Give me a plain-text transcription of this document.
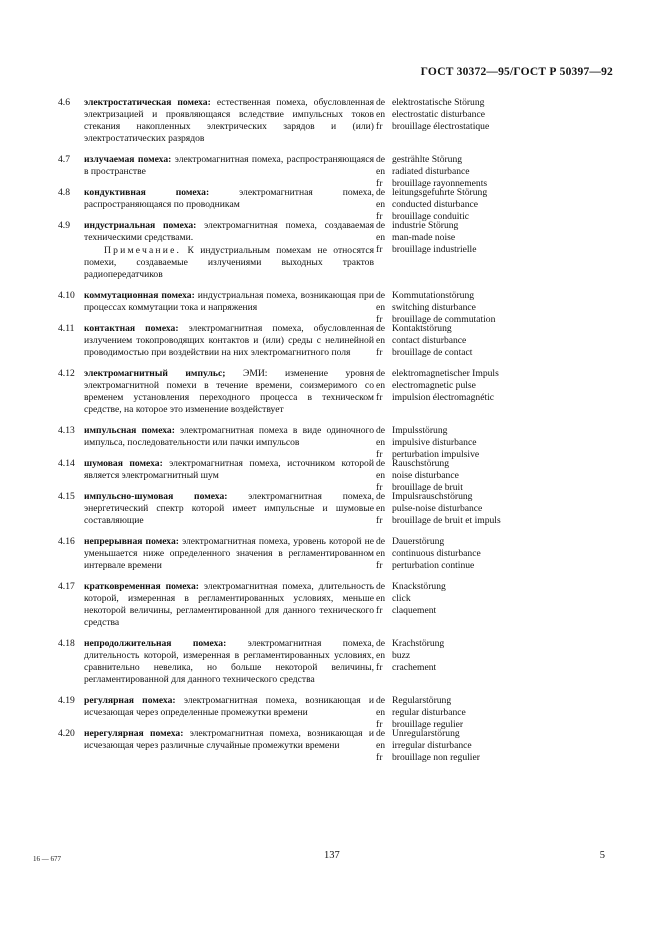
ГОСТ 30372—95/ГОСТ Р 50397—92
4.6	электростатическая помеха: естественная помеха, обусловленная электризацией и проявляющаяся вследствие импульсных токов стекания накопленных электрических зарядов и (или) электростатических разрядов
de elektrostatische Störung
en electrostatic disturbance
fr	brouillage électrostatique
4.7	излучаемая помеха: электромагнитная помеха, распространяющаяся в пространстве
de gestrählte Störung
en radiated disturbance
fr	brouillage rayonnements
4.8	кондуктивная помеха: электромагнитная помеха, распространяющаяся по проводникам
de leitungsgefuhrte Störung
en conducted disturbance
fr	brouillage conduitic
4.9	индустриальная помеха: электромагнитная помеха, создаваемая техническими средствами.
Примечание. К индустриальным помехам не относятся помехи, создаваемые излучениями выходных трактов радиопередатчиков
de industrie Störung
en man-made noise
fr	brouillage industrielle
4.10 коммутационная помеха: индустриальная помеха, возникающая при процессах коммутации тока и напряжения
de Kommutationstörung
en switching disturbance
fr	brouillage de commutation
4.11 контактная помеха: электромагнитная помеха, обусловленная излучением токопроводящих контактов и (или) среды с нелинейной проводимостью при воздействии на них электромагнитного поля
de Kontaktstörung
en contact disturbance
fr	brouillage de contact
4.12 электромагнитный импульс; ЭМИ: изменение уровня электромагнитной помехи в течение времени, соизмеримого со временем установления переходного процесса в техническом средстве, на которое это изменение воздействует
de elektromagnetischer Impuls
en electromagnetic pulse
fr	impulsion électromagnétic
4.13 импульсная помеха: электромагнитная помеха в виде одиночного импульса, последовательности или пачки импульсов
de Impulsstörung
en impulsive disturbance
fr	perturbation impulsive
4.14 шумовая помеха: электромагнитная помеха, источником которой является электромагнитный шум
de Rauschstörung
en noise disturbance
fr	brouillage de bruit
4.15 импульсно-шумовая помеха: электромагнитная помеха, энергетический спектр которой имеет импульсные и шумовые составляющие
de Impulsrauschstörung
en pulse-noise disturbance
fr	brouillage de bruit et impuls
4.16 непрерывная помеха: электромагнитная помеха, уровень которой не уменьшается ниже определенного значения в регламентированном интервале времени
de Dauerstörung
en continuous disturbance
fr	perturbation continue
4.17 кратковременная помеха: электромагнитная помеха, длительность которой, измеренная в регламентированных условиях, меньше некоторой величины, регламентированной для данного технического средства
de Knackstörung
en click
fr	claquement
4.18 непродолжительная помеха: электромагнитная помеха, длительность которой, измеренная в регламентированных условиях, сравнительно невелика, но больше некоторой величины, регламентированной для данного технического средства
de Krachstörung
en buzz
fr	crachement
4.19 регулярная помеха: электромагнитная помеха, возникающая и исчезающая через определенные промежутки времени
de Regularstörung
en regular disturbance
fr	brouillage regulier
4.20 нерегулярная помеха: электромагнитная помеха, возникающая и исчезающая через различные случайные промежутки времени
de Unregularstörung
en irregular disturbance
fr	brouillage non regulier
16 — 677	137	5
